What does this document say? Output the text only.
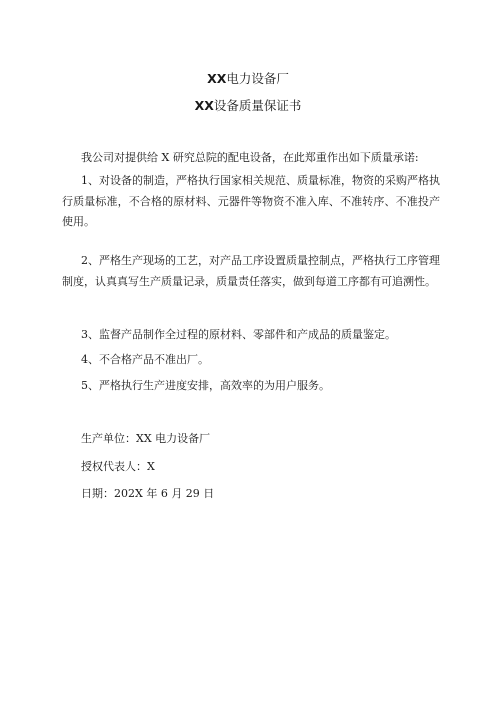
XX电力设备厂
XX设备质量保证书
我公司对提供给 X 研究总院的配电设备，在此郑重作出如下质量承诺:
1、对设备的制造，严格执行国家相关规范、质量标准，物资的采购严格执行质量标准，不合格的原材料、元器件等物资不准入库、不准转序、不准投产使用。
2、严格生产现场的工艺，对产品工序设置质量控制点，严格执行工序管理制度，认真真写生产质量记录，质量责任落实，做到每道工序都有可追溯性。
3、监督产品制作全过程的原材料、零部件和产成品的质量鉴定。
4、不合格产品不准出厂。
5、严格执行生产进度安排，高效率的为用户服务。
生产单位：XX 电力设备厂
授权代表人：X
日期：202X 年 6 月 29 日
